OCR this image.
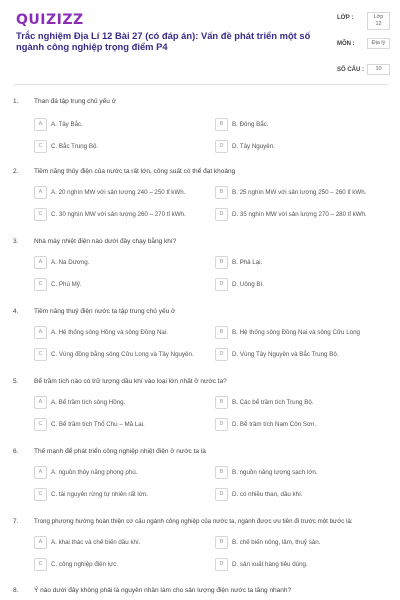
QUIZIZZ
Trắc nghiệm Địa Lí 12 Bài 27 (có đáp án): Vấn đề phát triển một số ngành công nghiệp trọng điểm P4
LỚP :	Lớp 12
MÔN :	Địa lý
SỐ CÂU :	10
1. Than đá tập trung chủ yếu ở
A	A. Tây Bắc.	B	B. Đông Bắc.
C	C. Bắc Trung Bộ.	D	D. Tây Nguyên.
2. Tiềm năng thủy điện của nước ta rất lớn, công suất có thể đạt khoảng
A	A. 20 nghìn MW với sản lượng 240 – 250 tỉ kWh.	B	B. 25 nghìn MW với sản lượng 250 – 260 tỉ kWh.
C	C. 30 nghìn MW với sản lượng 260 – 270 tỉ kWh.	D	D. 35 nghìn MW với sản lượng 270 – 280 tỉ kWh.
3. Nhà máy nhiệt điện nào dưới đây chạy bằng khí?
A	A. Na Dương.	B	B. Phả Lại.
C	C. Phú Mỹ.	D	D. Uông Bí.
4. Tiềm năng thuỷ điện nước ta tập trung chủ yếu ở
A	A. Hệ thống sông Hồng và sông Đồng Nai.	B	B. Hệ thống sông Đồng Nai và sông Cửu Long
C	C. Vùng đồng bằng sông Cửu Long và Tây Nguyên.	D	D. Vùng Tây Nguyên và Bắc Trung Bộ.
5. Bể trầm tích nào có trữ lượng dầu khí vào loại lớn nhất ở nước ta?
A	A. Bể trầm tích sông Hồng.	B	B. Các bể trầm tích Trung Bộ.
C	C. Bể trầm tích Thổ Chu – Mã Lai.	D	D. Bể trầm tích Nam Côn Sơn.
6. Thế mạnh để phát triển công nghiệp nhiệt điện ở nước ta là
A	A. nguồn thủy năng phong phú.	B	B. nguồn năng lượng sạch lớn.
C	C. tài nguyên rừng tự nhiên rất lớn.	D	D. có nhiều than, dầu khí.
7.	Trong phương hướng hoàn thiện cơ cấu ngành công nghiệp của nước ta, ngành được ưu tiên đi trước một bước là:
A	A. khai thác và chế biến dầu khí.	B	B. chế biến nông, lâm, thuỷ sản.
C	C. công nghiệp điện lực.	D	D. sản xuất hàng tiêu dùng.
8. Ý nào dưới đây không phải là nguyên nhân làm cho sản lượng điện nước ta tăng nhanh?
